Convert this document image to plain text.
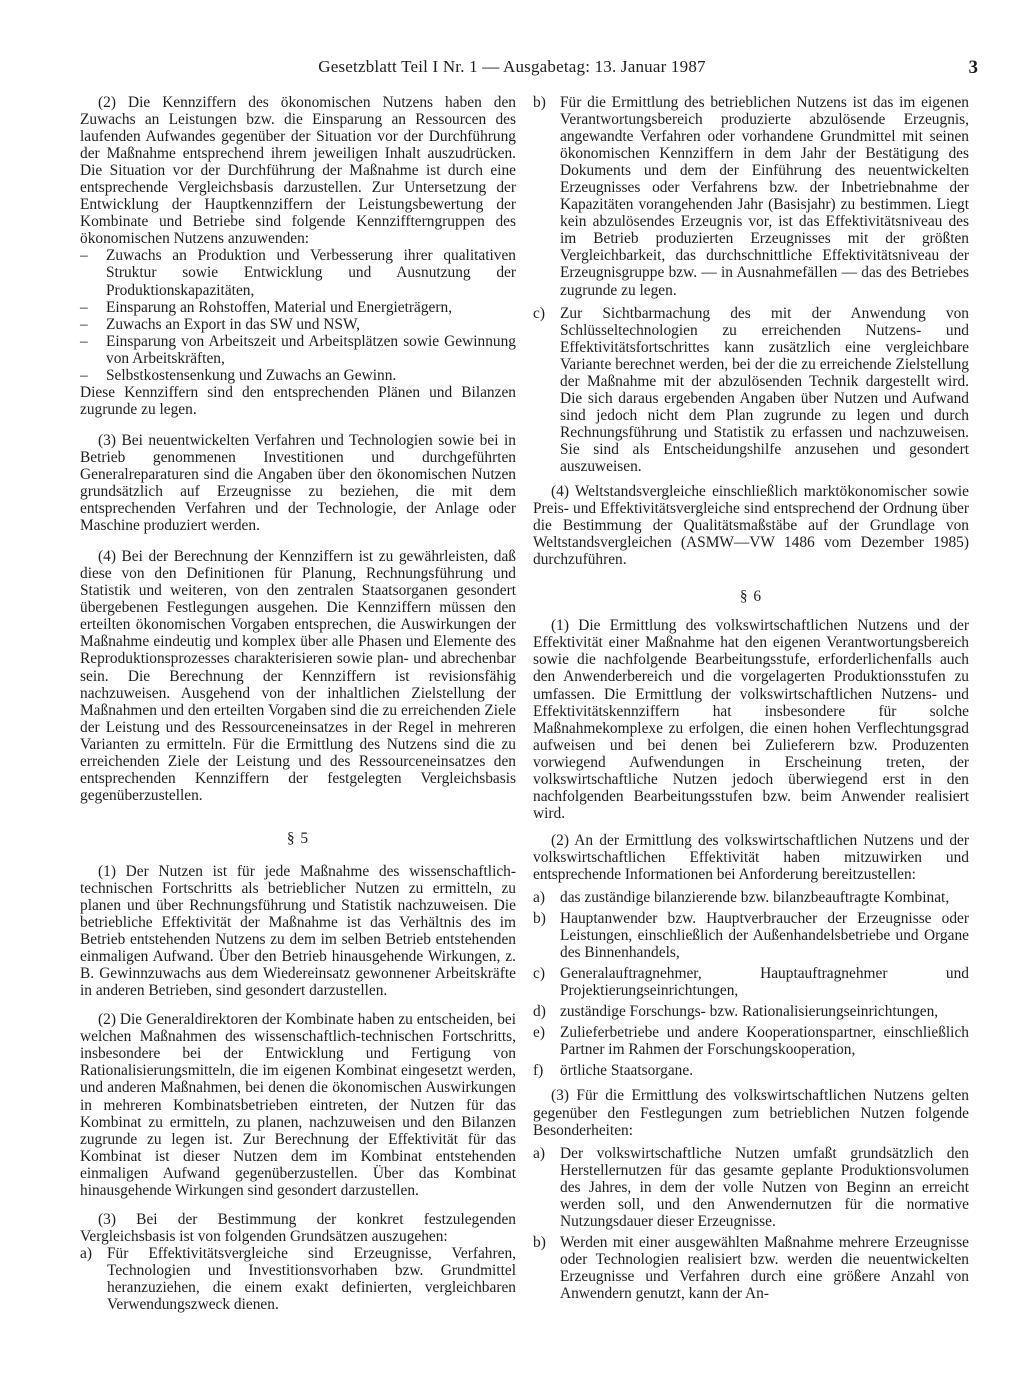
Gesetzblatt Teil I Nr. 1 — Ausgabetag: 13. Januar 1987	3

(2) Die Kennziffern des ökonomischen Nutzens haben den Zuwachs an Leistungen bzw. die Einsparung an Ressourcen des laufenden Aufwandes gegenüber der Situation vor der Durchführung der Maßnahme entsprechend ihrem jeweiligen Inhalt auszudrücken. Die Situation vor der Durchführung der Maßnahme ist durch eine entsprechende Vergleichsbasis darzustellen. Zur Untersetzung der Entwicklung der Hauptkennziffern der Leistungsbewertung der Kombinate und Betriebe sind folgende Kennziffterngruppen des ökonomischen Nutzens anzuwenden:

– Zuwachs an Produktion und Verbesserung ihrer qualitativen Struktur sowie Entwicklung und Ausnutzung der Produktionskapazitäten,
– Einsparung an Rohstoffen, Material und Energieträgern,
– Zuwachs an Export in das SW und NSW,
– Einsparung von Arbeitszeit und Arbeitsplätzen sowie Gewinnung von Arbeitskräften,
– Selbstkostensenkung und Zuwachs an Gewinn.

Diese Kennziffern sind den entsprechenden Plänen und Bilanzen zugrunde zu legen.

(3) Bei neuentwickelten Verfahren und Technologien sowie bei in Betrieb genommenen Investitionen und durchgeführten Generalreparaturen sind die Angaben über den ökonomischen Nutzen grundsätzlich auf Erzeugnisse zu beziehen, die mit dem entsprechenden Verfahren und der Technologie, der Anlage oder Maschine produziert werden.

(4) Bei der Berechnung der Kennziffern ist zu gewährleisten, daß diese von den Definitionen für Planung, Rechnungsführung und Statistik und weiteren, von den zentralen Staatsorganen gesondert übergebenen Festlegungen ausgehen. Die Kennziffern müssen den erteilten ökonomischen Vorgaben entsprechen, die Auswirkungen der Maßnahme eindeutig und komplex über alle Phasen und Elemente des Reproduktionsprozesses charakterisieren sowie plan- und abrechenbar sein. Die Berechnung der Kennziffern ist revisionsfähig nachzuweisen. Ausgehend von der inhaltlichen Zielstellung der Maßnahmen und den erteilten Vorgaben sind die zu erreichenden Ziele der Leistung und des Ressourceneinsatzes in der Regel in mehreren Varianten zu ermitteln. Für die Ermittlung des Nutzens sind die zu erreichenden Ziele der Leistung und des Ressourceneinsatzes den entsprechenden Kennziffern der festgelegten Vergleichsbasis gegenüberzustellen.

§ 5

(1) Der Nutzen ist für jede Maßnahme des wissenschaftlich-technischen Fortschritts als betrieblicher Nutzen zu ermitteln, zu planen und über Rechnungsführung und Statistik nachzuweisen. Die betriebliche Effektivität der Maßnahme ist das Verhältnis des im Betrieb entstehenden Nutzens zu dem im selben Betrieb entstehenden einmaligen Aufwand. Über den Betrieb hinausgehende Wirkungen, z. B. Gewinnzuwachs aus dem Wiedereinsatz gewonnener Arbeitskräfte in anderen Betrieben, sind gesondert darzustellen.

(2) Die Generaldirektoren der Kombinate haben zu entscheiden, bei welchen Maßnahmen des wissenschaftlich-technischen Fortschritts, insbesondere bei der Entwicklung und Fertigung von Rationalisierungsmitteln, die im eigenen Kombinat eingesetzt werden, und anderen Maßnahmen, bei denen die ökonomischen Auswirkungen in mehreren Kombinatsbetrieben eintreten, der Nutzen für das Kombinat zu ermitteln, zu planen, nachzuweisen und den Bilanzen zugrunde zu legen ist. Zur Berechnung der Effektivität für das Kombinat ist dieser Nutzen dem im Kombinat entstehenden einmaligen Aufwand gegenüberzustellen. Über das Kombinat hinausgehende Wirkungen sind gesondert darzustellen.

(3) Bei der Bestimmung der konkret festzulegenden Vergleichsbasis ist von folgenden Grundsätzen auszugehen:

a) Für Effektivitätsvergleiche sind Erzeugnisse, Verfahren, Technologien und Investitionsvorhaben bzw. Grundmittel heranzuziehen, die einem exakt definierten, vergleichbaren Verwendungszweck dienen.
b) Für die Ermittlung des betrieblichen Nutzens ist das im eigenen Verantwortungsbereich produzierte abzulösende Erzeugnis, angewandte Verfahren oder vorhandene Grundmittel mit seinen ökonomischen Kennziffern in dem Jahr der Bestätigung des Dokuments und dem der Einführung des neuentwickelten Erzeugnisses oder Verfahrens bzw. der Inbetriebnahme der Kapazitäten vorangehenden Jahr (Basisjahr) zu bestimmen. Liegt kein abzulösendes Erzeugnis vor, ist das Effektivitätsniveau des im Betrieb produzierten Erzeugnisses mit der größten Vergleichbarkeit, das durchschnittliche Effektivitätsniveau der Erzeugnisgruppe bzw. — in Ausnahmefällen — das des Betriebes zugrunde zu legen.
c) Zur Sichtbarmachung des mit der Anwendung von Schlüsseltechnologien zu erreichenden Nutzens- und Effektivitätsfortschrittes kann zusätzlich eine vergleichbare Variante berechnet werden, bei der die zu erreichende Zielstellung der Maßnahme mit der abzulösenden Technik dargestellt wird. Die sich daraus ergebenden Angaben über Nutzen und Aufwand sind jedoch nicht dem Plan zugrunde zu legen und durch Rechnungsführung und Statistik zu erfassen und nachzuweisen. Sie sind als Entscheidungshilfe anzusehen und gesondert auszuweisen.

(4) Weltstandsvergleiche einschließlich marktökonomischer sowie Preis- und Effektivitätsvergleiche sind entsprechend der Ordnung über die Bestimmung der Qualitätsmaßstäbe auf der Grundlage von Weltstandsvergleichen (ASMW—VW 1486 vom Dezember 1985) durchzuführen.

§ 6

(1) Die Ermittlung des volkswirtschaftlichen Nutzens und der Effektivität einer Maßnahme hat den eigenen Verantwortungsbereich sowie die nachfolgende Bearbeitungsstufe, erforderlichenfalls auch den Anwenderbereich und die vorgelagerten Produktionsstufen zu umfassen. Die Ermittlung der volkswirtschaftlichen Nutzens- und Effektivitätskennziffern hat insbesondere für solche Maßnahmekomplexe zu erfolgen, die einen hohen Verflechtungsgrad aufweisen und bei denen bei Zulieferern bzw. Produzenten vorwiegend Aufwendungen in Erscheinung treten, der volkswirtschaftliche Nutzen jedoch überwiegend erst in den nachfolgenden Bearbeitungsstufen bzw. beim Anwender realisiert wird.

(2) An der Ermittlung des volkswirtschaftlichen Nutzens und der volkswirtschaftlichen Effektivität haben mitzuwirken und entsprechende Informationen bei Anforderung bereitzustellen:

a) das zuständige bilanzierende bzw. bilanzbeauftragte Kombinat,
b) Hauptanwender bzw. Hauptverbraucher der Erzeugnisse oder Leistungen, einschließlich der Außenhandelsbetriebe und Organe des Binnenhandels,
c) Generalauftragnehmer, Hauptauftragnehmer und Projektierungseinrichtungen,
d) zuständige Forschungs- bzw. Rationalisierungseinrichtungen,
e) Zulieferbetriebe und andere Kooperationspartner, einschließlich Partner im Rahmen der Forschungskooperation,
f) örtliche Staatsorgane.

(3) Für die Ermittlung des volkswirtschaftlichen Nutzens gelten gegenüber den Festlegungen zum betrieblichen Nutzen folgende Besonderheiten:

a) Der volkswirtschaftliche Nutzen umfaßt grundsätzlich den Herstellernutzen für das gesamte geplante Produktionsvolumen des Jahres, in dem der volle Nutzen von Beginn an erreicht werden soll, und den Anwendernutzen für die normative Nutzungsdauer dieser Erzeugnisse.
b) Werden mit einer ausgewählten Maßnahme mehrere Erzeugnisse oder Technologien realisiert bzw. werden die neuentwickelten Erzeugnisse und Verfahren durch eine größere Anzahl von Anwendern genutzt, kann der An-
